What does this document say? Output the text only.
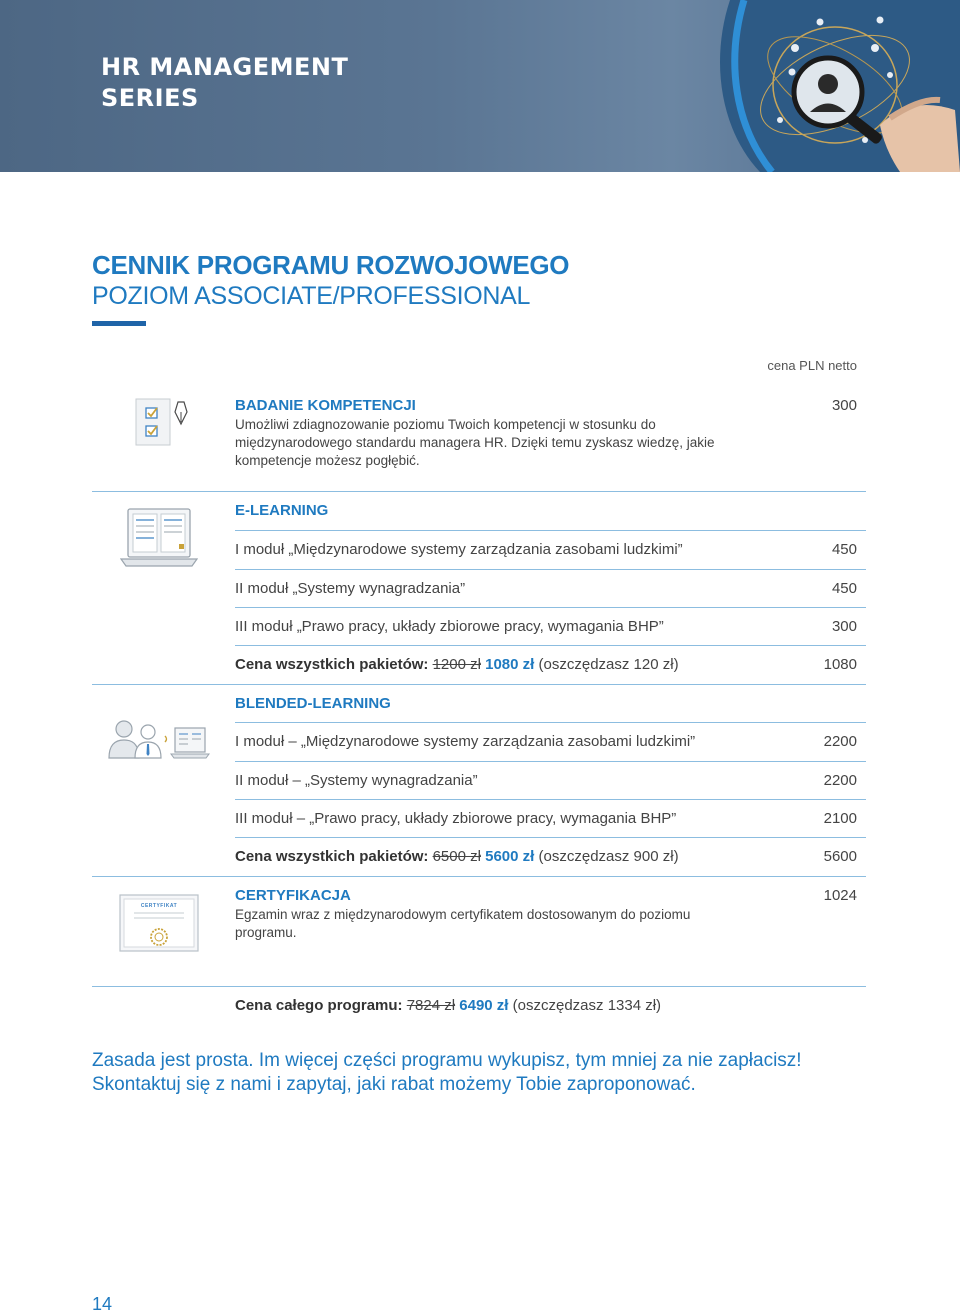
HR MANAGEMENT
SERIES
CENNIK PROGRAMU ROZWOJOWEGO
POZIOM ASSOCIATE/PROFESSIONAL
cena PLN netto
BADANIE KOMPETENCJI	300
Umożliwi zdiagnozowanie poziomu Twoich kompetencji w stosunku do międzynarodowego standardu managera HR. Dzięki temu zyskasz wiedzę, jakie kompetencje możesz pogłębić.
E-LEARNING
I moduł „Międzynarodowe systemy zarządzania zasobami ludzkimi”	450
II moduł „Systemy wynagradzania”	450
III moduł „Prawo pracy, układy zbiorowe pracy, wymagania BHP”	300
Cena wszystkich pakietów: 1200 zł 1080 zł (oszczędzasz 120 zł)	1080
BLENDED-LEARNING
I moduł – „Międzynarodowe systemy zarządzania zasobami ludzkimi”	2200
II moduł – „Systemy wynagradzania”	2200
III moduł – „Prawo pracy, układy zbiorowe pracy, wymagania BHP”	2100
Cena wszystkich pakietów: 6500 zł 5600 zł (oszczędzasz 900 zł)	5600
CERTYFIKAT
CERTYFIKACJA	1024
Egzamin wraz z międzynarodowym certyfikatem dostosowanym do poziomu programu.
Cena całego programu: 7824 zł 6490 zł (oszczędzasz 1334 zł)
Zasada jest prosta. Im więcej części programu wykupisz, tym mniej za nie zapłacisz!
Skontaktuj się z nami i zapytaj, jaki rabat możemy Tobie zaproponować.
14
